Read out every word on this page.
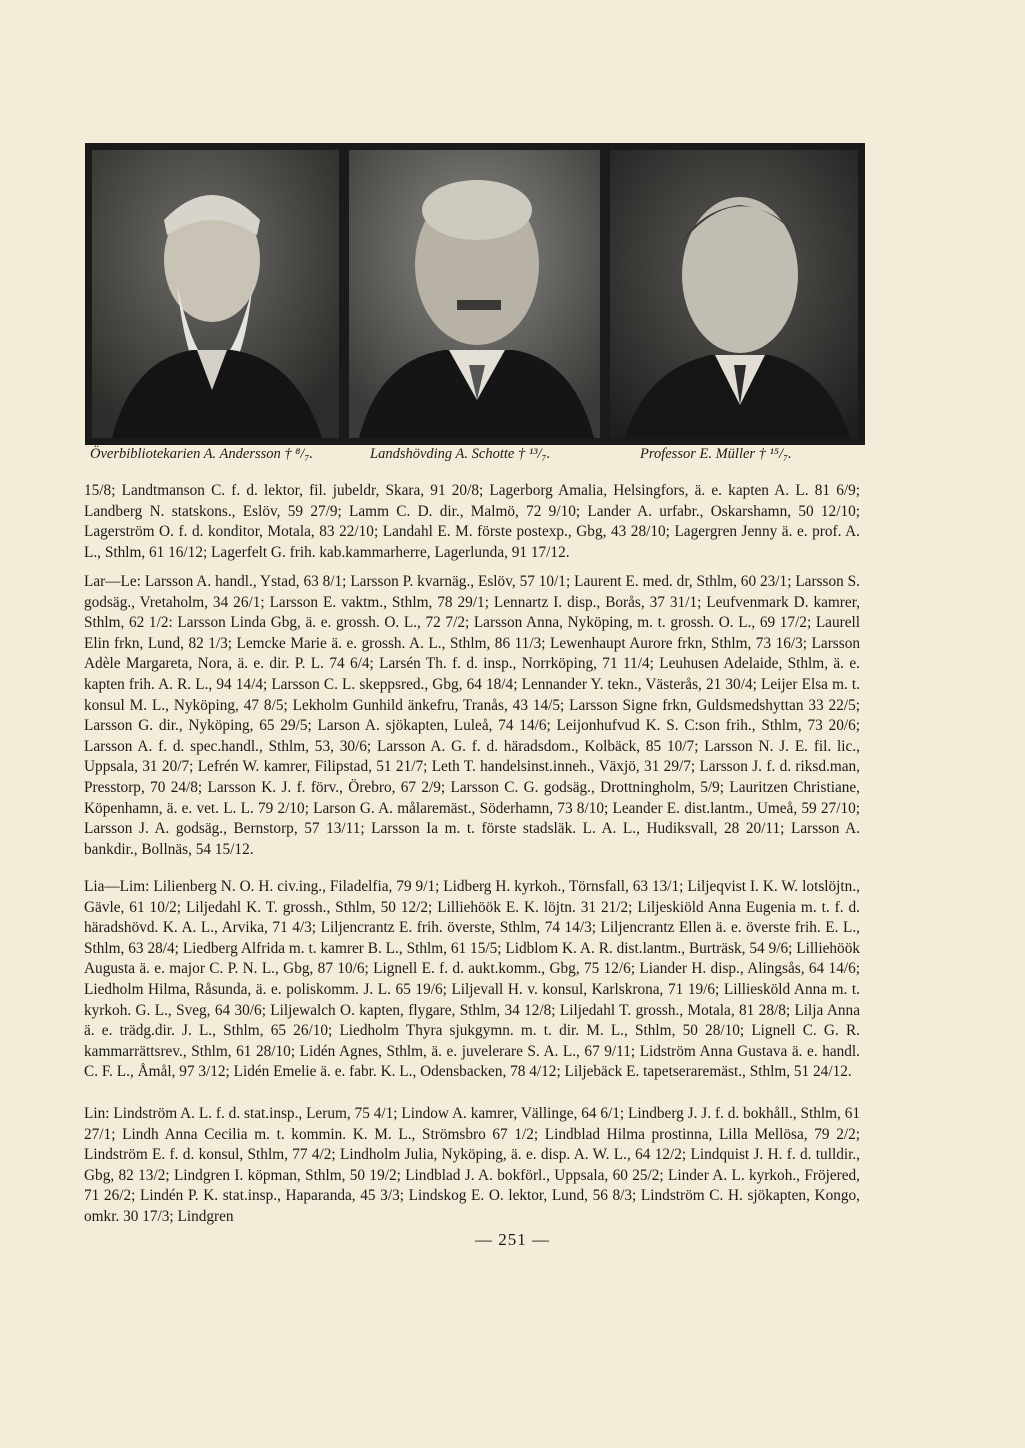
Överbibliotekarien A. Andersson † ⁸/₇.	Landshövding A. Schotte † ¹³/₇.	Professor E. Müller † ¹⁵/₇.
15/8; Landtmanson C. f. d. lektor, fil. jubeldr, Skara, 91 20/8; Lagerborg Amalia, Helsingfors, ä. e. kapten A. L. 81 6/9; Landberg N. statskons., Eslöv, 59 27/9; Lamm C. D. dir., Malmö, 72 9/10; Lander A. urfabr., Oskarshamn, 50 12/10; Lagerström O. f. d. konditor, Motala, 83 22/10; Landahl E. M. förste postexp., Gbg, 43 28/10; Lagergren Jenny ä. e. prof. A. L., Sthlm, 61 16/12; Lagerfelt G. frih. kab.kammarherre, Lagerlunda, 91 17/12.
Lar—Le: Larsson A. handl., Ystad, 63 8/1; Larsson P. kvarnäg., Eslöv, 57 10/1; Laurent E. med. dr, Sthlm, 60 23/1; Larsson S. godsäg., Vretaholm, 34 26/1; Larsson E. vaktm., Sthlm, 78 29/1; Lennartz I. disp., Borås, 37 31/1; Leufvenmark D. kamrer, Sthlm, 62 1/2: Larsson Linda Gbg, ä. e. grossh. O. L., 72 7/2; Larsson Anna, Nyköping, m. t. grossh. O. L., 69 17/2; Laurell Elin frkn, Lund, 82 1/3; Lemcke Marie ä. e. grossh. A. L., Sthlm, 86 11/3; Lewenhaupt Aurore frkn, Sthlm, 73 16/3; Larsson Adèle Margareta, Nora, ä. e. dir. P. L. 74 6/4; Larsén Th. f. d. insp., Norrköping, 71 11/4; Leuhusen Adelaide, Sthlm, ä. e. kapten frih. A. R. L., 94 14/4; Larsson C. L. skeppsred., Gbg, 64 18/4; Lennander Y. tekn., Västerås, 21 30/4; Leijer Elsa m. t. konsul M. L., Nyköping, 47 8/5; Lekholm Gunhild änkefru, Tranås, 43 14/5; Larsson Signe frkn, Guldsmedshyttan 33 22/5; Larsson G. dir., Nyköping, 65 29/5; Larson A. sjökapten, Luleå, 74 14/6; Leijonhufvud K. S. C:son frih., Sthlm, 73 20/6; Larsson A. f. d. spec.handl., Sthlm, 53, 30/6; Larsson A. G. f. d. häradsdom., Kolbäck, 85 10/7; Larsson N. J. E. fil. lic., Uppsala, 31 20/7; Lefrén W. kamrer, Filipstad, 51 21/7; Leth T. handelsinst.inneh., Växjö, 31 29/7; Larsson J. f. d. riksd.man, Presstorp, 70 24/8; Larsson K. J. f. förv., Örebro, 67 2/9; Larsson C. G. godsäg., Drottningholm, 5/9; Lauritzen Christiane, Köpenhamn, ä. e. vet. L. L. 79 2/10; Larson G. A. målaremäst., Söderhamn, 73 8/10; Leander E. dist.lantm., Umeå, 59 27/10; Larsson J. A. godsäg., Bernstorp, 57 13/11; Larsson Ia m. t. förste stadsläk. L. A. L., Hudiksvall, 28 20/11; Larsson A. bankdir., Bollnäs, 54 15/12.
Lia—Lim: Lilienberg N. O. H. civ.ing., Filadelfia, 79 9/1; Lidberg H. kyrkoh., Törnsfall, 63 13/1; Liljeqvist I. K. W. lotslöjtn., Gävle, 61 10/2; Liljedahl K. T. grossh., Sthlm, 50 12/2; Lilliehöök E. K. löjtn. 31 21/2; Liljeskiöld Anna Eugenia m. t. f. d. häradshövd. K. A. L., Arvika, 71 4/3; Liljencrantz E. frih. överste, Sthlm, 74 14/3; Liljencrantz Ellen ä. e. överste frih. E. L., Sthlm, 63 28/4; Liedberg Alfrida m. t. kamrer B. L., Sthlm, 61 15/5; Lidblom K. A. R. dist.lantm., Burträsk, 54 9/6; Lilliehöök Augusta ä. e. major C. P. N. L., Gbg, 87 10/6; Lignell E. f. d. aukt.komm., Gbg, 75 12/6; Liander H. disp., Alingsås, 64 14/6; Liedholm Hilma, Råsunda, ä. e. poliskomm. J. L. 65 19/6; Liljevall H. v. konsul, Karlskrona, 71 19/6; Lilliesköld Anna m. t. kyrkoh. G. L., Sveg, 64 30/6; Liljewalch O. kapten, flygare, Sthlm, 34 12/8; Liljedahl T. grossh., Motala, 81 28/8; Lilja Anna ä. e. trädg.dir. J. L., Sthlm, 65 26/10; Liedholm Thyra sjukgymn. m. t. dir. M. L., Sthlm, 50 28/10; Lignell C. G. R. kammarrättsrev., Sthlm, 61 28/10; Lidén Agnes, Sthlm, ä. e. juvelerare S. A. L., 67 9/11; Lidström Anna Gustava ä. e. handl. C. F. L., Åmål, 97 3/12; Lidén Emelie ä. e. fabr. K. L., Odensbacken, 78 4/12; Liljebäck E. tapetseraremäst., Sthlm, 51 24/12.
Lin: Lindström A. L. f. d. stat.insp., Lerum, 75 4/1; Lindow A. kamrer, Vällinge, 64 6/1; Lindberg J. J. f. d. bokhåll., Sthlm, 61 27/1; Lindh Anna Cecilia m. t. kommin. K. M. L., Strömsbro 67 1/2; Lindblad Hilma prostinna, Lilla Mellösa, 79 2/2; Lindström E. f. d. konsul, Sthlm, 77 4/2; Lindholm Julia, Nyköping, ä. e. disp. A. W. L., 64 12/2; Lindquist J. H. f. d. tulldir., Gbg, 82 13/2; Lindgren I. köpman, Sthlm, 50 19/2; Lindblad J. A. bokförl., Uppsala, 60 25/2; Linder A. L. kyrkoh., Fröjered, 71 26/2; Lindén P. K. stat.insp., Haparanda, 45 3/3; Lindskog E. O. lektor, Lund, 56 8/3; Lindström C. H. sjökapten, Kongo, omkr. 30 17/3; Lindgren
— 251 —
